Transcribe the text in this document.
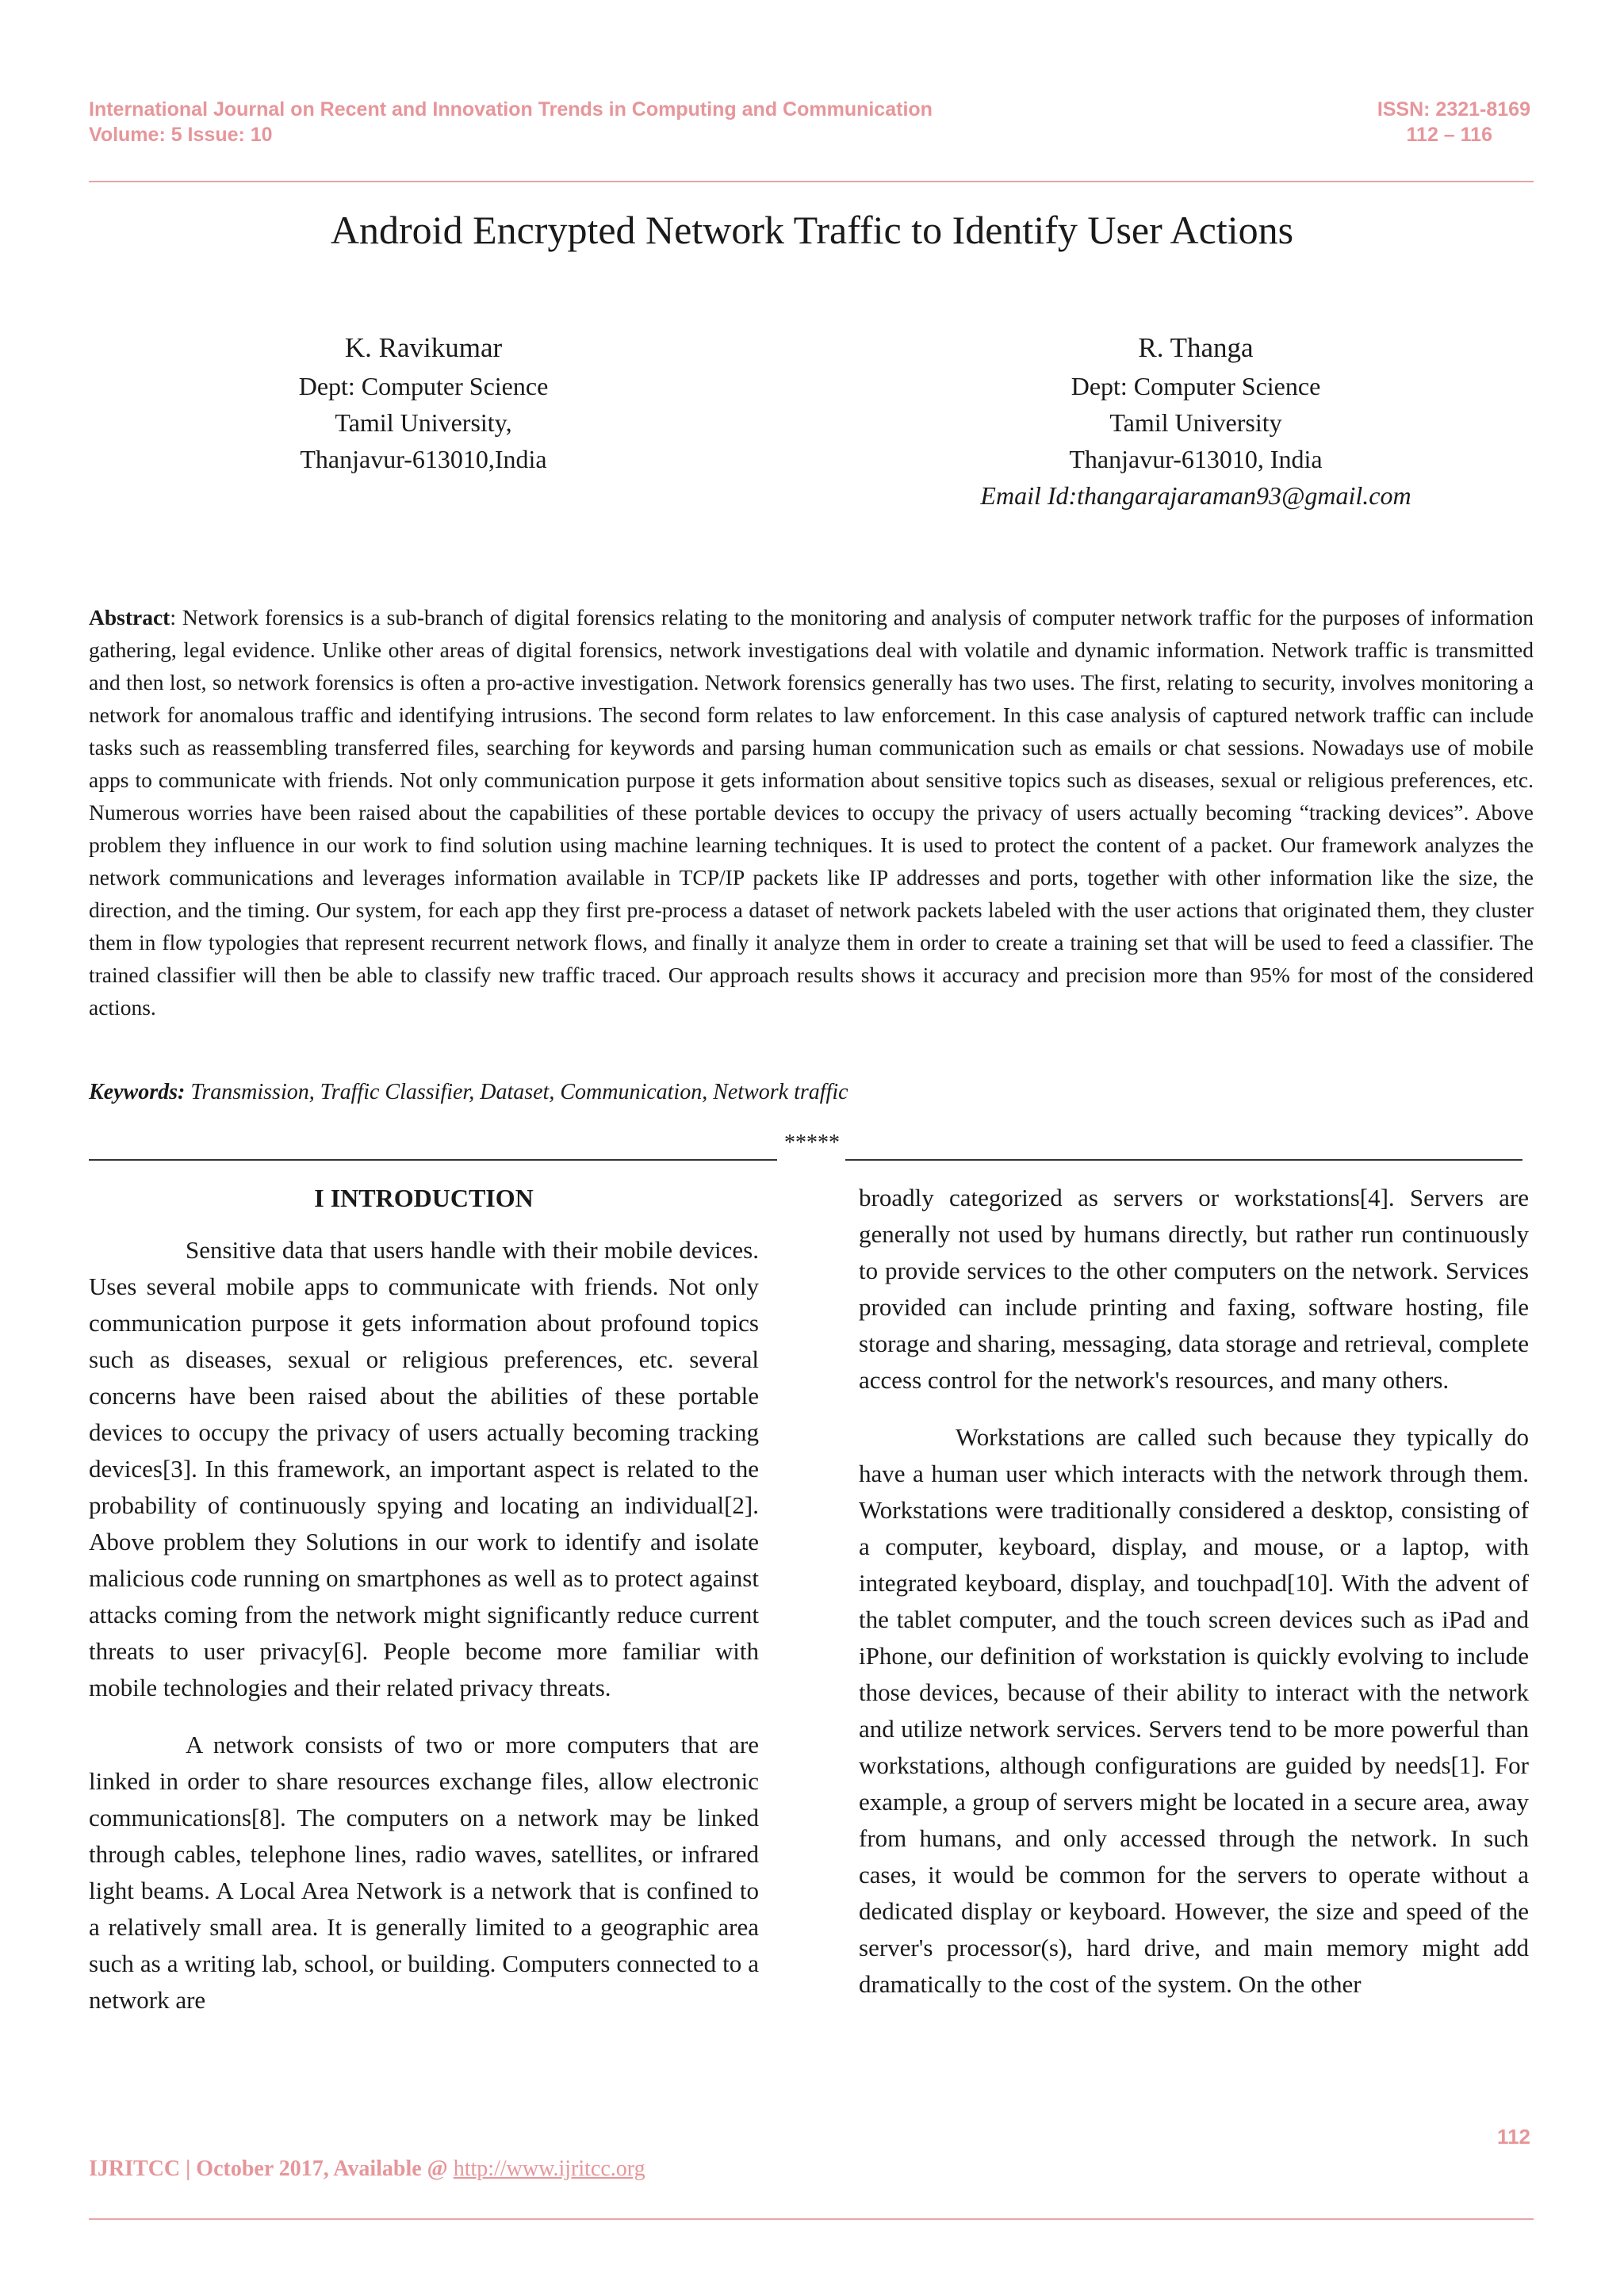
International Journal on Recent and Innovation Trends in Computing and Communication
Volume: 5 Issue: 10
ISSN: 2321-8169
112 – 116
Android Encrypted Network Traffic to Identify User Actions
K. Ravikumar
Dept: Computer Science
Tamil University,
Thanjavur-613010,India
R. Thanga
Dept: Computer Science
Tamil University
Thanjavur-613010, India
Email Id:thangarajaraman93@gmail.com
Abstract: Network forensics is a sub-branch of digital forensics relating to the monitoring and analysis of computer network traffic for the purposes of information gathering, legal evidence. Unlike other areas of digital forensics, network investigations deal with volatile and dynamic information. Network traffic is transmitted and then lost, so network forensics is often a pro-active investigation. Network forensics generally has two uses. The first, relating to security, involves monitoring a network for anomalous traffic and identifying intrusions. The second form relates to law enforcement. In this case analysis of captured network traffic can include tasks such as reassembling transferred files, searching for keywords and parsing human communication such as emails or chat sessions. Nowadays use of mobile apps to communicate with friends. Not only communication purpose it gets information about sensitive topics such as diseases, sexual or religious preferences, etc. Numerous worries have been raised about the capabilities of these portable devices to occupy the privacy of users actually becoming “tracking devices”. Above problem they influence in our work to find solution using machine learning techniques. It is used to protect the content of a packet. Our framework analyzes the network communications and leverages information available in TCP/IP packets like IP addresses and ports, together with other information like the size, the direction, and the timing. Our system, for each app they first pre-process a dataset of network packets labeled with the user actions that originated them, they cluster them in flow typologies that represent recurrent network flows, and finally it analyze them in order to create a training set that will be used to feed a classifier. The trained classifier will then be able to classify new traffic traced. Our approach results shows it accuracy and precision more than 95% for most of the considered actions.
Keywords: Transmission, Traffic Classifier, Dataset, Communication, Network traffic
*****
I INTRODUCTION

Sensitive data that users handle with their mobile devices. Uses several mobile apps to communicate with friends. Not only communication purpose it gets information about profound topics such as diseases, sexual or religious preferences, etc. several concerns have been raised about the abilities of these portable devices to occupy the privacy of users actually becoming tracking devices[3]. In this framework, an important aspect is related to the probability of continuously spying and locating an individual[2]. Above problem they Solutions in our work to identify and isolate malicious code running on smartphones as well as to protect against attacks coming from the network might significantly reduce current threats to user privacy[6]. People become more familiar with mobile technologies and their related privacy threats.

A network consists of two or more computers that are linked in order to share resources exchange files, allow electronic communications[8]. The computers on a network may be linked through cables, telephone lines, radio waves, satellites, or infrared light beams. A Local Area Network is a network that is confined to a relatively small area. It is generally limited to a geographic area such as a writing lab, school, or building. Computers connected to a network are

broadly categorized as servers or workstations[4]. Servers are generally not used by humans directly, but rather run continuously to provide services to the other computers on the network. Services provided can include printing and faxing, software hosting, file storage and sharing, messaging, data storage and retrieval, complete access control for the network's resources, and many others.

Workstations are called such because they typically do have a human user which interacts with the network through them. Workstations were traditionally considered a desktop, consisting of a computer, keyboard, display, and mouse, or a laptop, with integrated keyboard, display, and touchpad[10]. With the advent of the tablet computer, and the touch screen devices such as iPad and iPhone, our definition of workstation is quickly evolving to include those devices, because of their ability to interact with the network and utilize network services. Servers tend to be more powerful than workstations, although configurations are guided by needs[1]. For example, a group of servers might be located in a secure area, away from humans, and only accessed through the network. In such cases, it would be common for the servers to operate without a dedicated display or keyboard. However, the size and speed of the server's processor(s), hard drive, and main memory might add dramatically to the cost of the system. On the other

112
IJRITCC | October 2017, Available @ http://www.ijritcc.org
